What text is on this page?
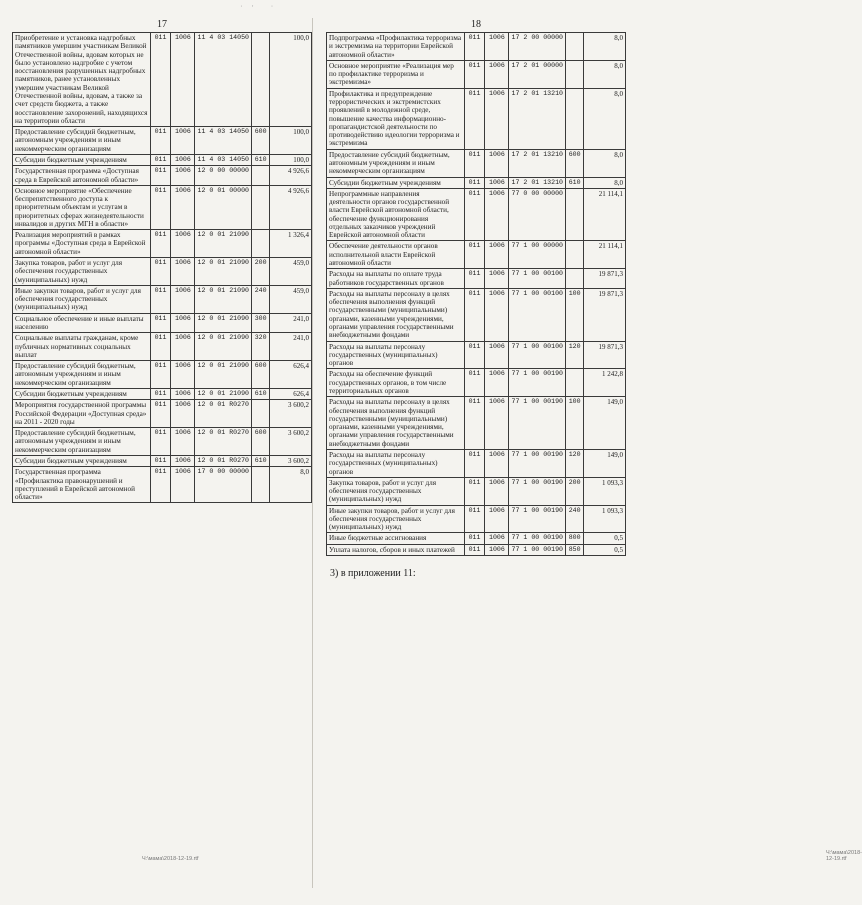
˙ ̒ ˙
17
Приобретение и установка надгробных памятников умершим участникам Великой Отечественной войны, вдовам которых не было установлено надгробие с учетом восстановления разрушенных надгробных памятников, ранее установленных умершим участникам Великой Отечественной войны, вдовам, а также за счет средств бюджета, а также восстановление захоронений, находящихся на территории области	011	1006	11 4 03 14050		100,0
Предоставление субсидий бюджетным, автономным учреждениям и иным некоммерческим организациям	011	1006	11 4 03 14050	600	100,0
Субсидии бюджетным учреждениям	011	1006	11 4 03 14050	610	100,0
Государственная программа «Доступная среда в Еврейской автономной области»	011	1006	12 0 00 00000		4 926,6
Основное мероприятие «Обеспечение беспрепятственного доступа к приоритетным объектам и услугам в приоритетных сферах жизнедеятельности инвалидов и других МГН в области»	011	1006	12 0 01 00000		4 926,6
Реализация мероприятий в рамках программы «Доступная среда в Еврейской автономной области»	011	1006	12 0 01 21090		1 326,4
Закупка товаров, работ и услуг для обеспечения государственных (муниципальных) нужд	011	1006	12 0 01 21090	200	459,0
Иные закупки товаров, работ и услуг для обеспечения государственных (муниципальных) нужд	011	1006	12 0 01 21090	240	459,0
Социальное обеспечение и иные выплаты населению	011	1006	12 0 01 21090	300	241,0
Социальные выплаты гражданам, кроме публичных нормативных социальных выплат	011	1006	12 0 01 21090	320	241,0
Предоставление субсидий бюджетным, автономным учреждениям и иным некоммерческим организациям	011	1006	12 0 01 21090	600	626,4
Субсидии бюджетным учреждениям	011	1006	12 0 01 21090	610	626,4
Мероприятия государственной программы Российской Федерации «Доступная среда» на 2011 - 2020 годы	011	1006	12 0 01 R0270		3 600,2
Предоставление субсидий бюджетным, автономным учреждениям и иным некоммерческим организациям	011	1006	12 0 01 R0270	600	3 600,2
Субсидии бюджетным учреждениям	011	1006	12 0 01 R0270	610	3 600,2
Государственная программа «Профилактика правонарушений и преступлений в Еврейской автономной области»	011	1006	17 0 00 00000		8,0
Ч:\мама\2018-12-19.rtf
18
Подпрограмма «Профилактика терроризма и экстремизма на территории Еврейской автономной области»	011	1006	17 2 00 00000		8,0
Основное мероприятие «Реализация мер по профилактике терроризма и экстремизма»	011	1006	17 2 01 00000		8,0
Профилактика и предупреждение террористических и экстремистских проявлений в молодежной среде, повышение качества информационно-пропагандистской деятельности по противодействию идеологии терроризма и экстремизма	011	1006	17 2 01 13210		8,0
Предоставление субсидий бюджетным, автономным учреждениям и иным некоммерческим организациям	011	1006	17 2 01 13210	600	8,0
Субсидии бюджетным учреждениям	011	1006	17 2 01 13210	610	8,0
Непрограммные направления деятельности органов государственной власти Еврейской автономной области, обеспечение функционирования отдельных заказчиков учреждений Еврейской автономной области	011	1006	77 0 00 00000		21 114,1
Обеспечение деятельности органов исполнительной власти Еврейской автономной области	011	1006	77 1 00 00000		21 114,1
Расходы на выплаты по оплате труда работников государственных органов	011	1006	77 1 00 00100		19 871,3
Расходы на выплаты персоналу в целях обеспечения выполнения функций государственными (муниципальными) органами, казенными учреждениями, органами управления государственными внебюджетными фондами	011	1006	77 1 00 00100	100	19 871,3
Расходы на выплаты персоналу государственных (муниципальных) органов	011	1006	77 1 00 00100	120	19 871,3
Расходы на обеспечение функций государственных органов, в том числе территориальных органов	011	1006	77 1 00 00190		1 242,8
Расходы на выплаты персоналу в целях обеспечения выполнения функций государственными (муниципальными) органами, казенными учреждениями, органами управления государственными внебюджетными фондами	011	1006	77 1 00 00190	100	149,0
Расходы на выплаты персоналу государственных (муниципальных) органов	011	1006	77 1 00 00190	120	149,0
Закупка товаров, работ и услуг для обеспечения государственных (муниципальных) нужд	011	1006	77 1 00 00190	200	1 093,3
Иные закупки товаров, работ и услуг для обеспечения государственных (муниципальных) нужд	011	1006	77 1 00 00190	240	1 093,3
Иные бюджетные ассигнования	011	1006	77 1 00 00190	800	0,5
Уплата налогов, сборов и иных платежей	011	1006	77 1 00 00190	850	0,5
3) в приложении 11:
Ч:\мама\2018-12-19.rtf
